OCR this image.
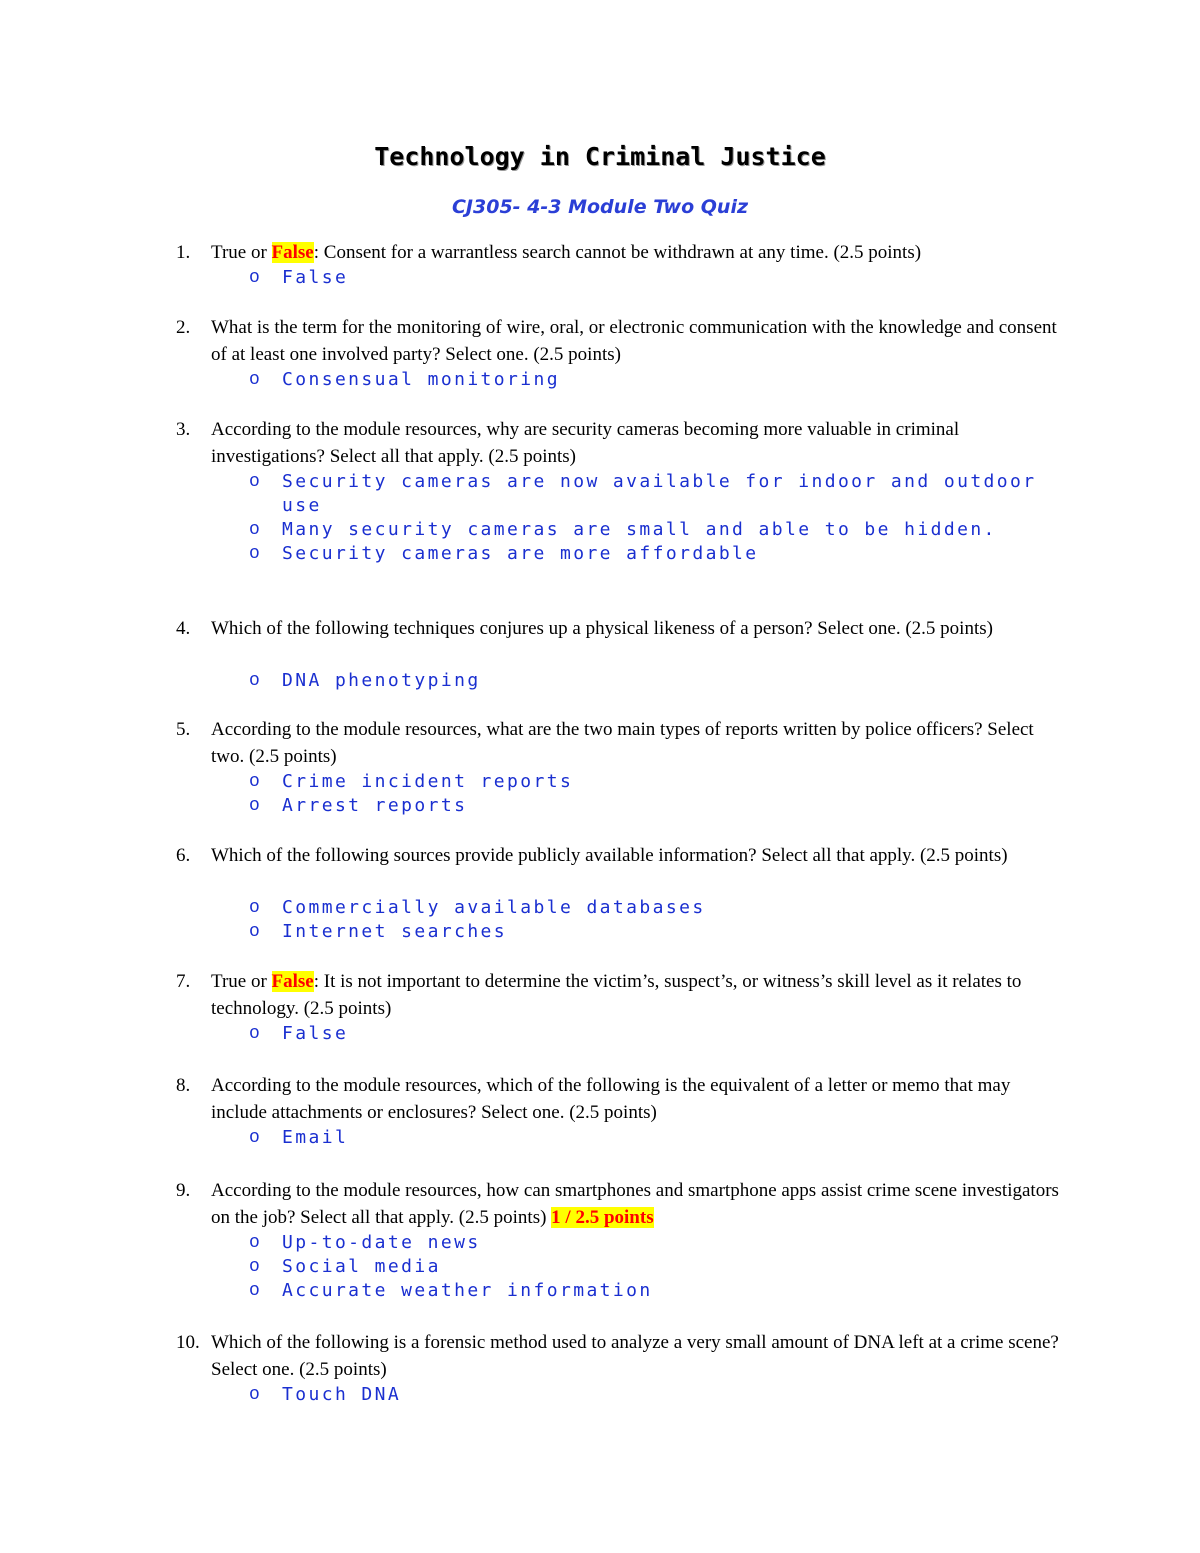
Technology in Criminal Justice
CJ305- 4-3 Module Two Quiz
1. True or False: Consent for a warrantless search cannot be withdrawn at any time. (2.5 points)
o False
2. What is the term for the monitoring of wire, oral, or electronic communication with the knowledge and consent of at least one involved party? Select one. (2.5 points)
o Consensual monitoring
3. According to the module resources, why are security cameras becoming more valuable in criminal investigations? Select all that apply. (2.5 points)
o Security cameras are now available for indoor and outdoor use
o Many security cameras are small and able to be hidden.
o Security cameras are more affordable
4. Which of the following techniques conjures up a physical likeness of a person? Select one. (2.5 points)
o DNA phenotyping
5. According to the module resources, what are the two main types of reports written by police officers? Select two. (2.5 points)
o Crime incident reports
o Arrest reports
6. Which of the following sources provide publicly available information? Select all that apply. (2.5 points)
o Commercially available databases
o Internet searches
7. True or False: It is not important to determine the victim’s, suspect’s, or witness’s skill level as it relates to technology. (2.5 points)
o False
8. According to the module resources, which of the following is the equivalent of a letter or memo that may include attachments or enclosures? Select one. (2.5 points)
o Email
9. According to the module resources, how can smartphones and smartphone apps assist crime scene investigators on the job? Select all that apply. (2.5 points) 1 / 2.5 points
o Up-to-date news
o Social media
o Accurate weather information
10. Which of the following is a forensic method used to analyze a very small amount of DNA left at a crime scene? Select one. (2.5 points)
o Touch DNA
